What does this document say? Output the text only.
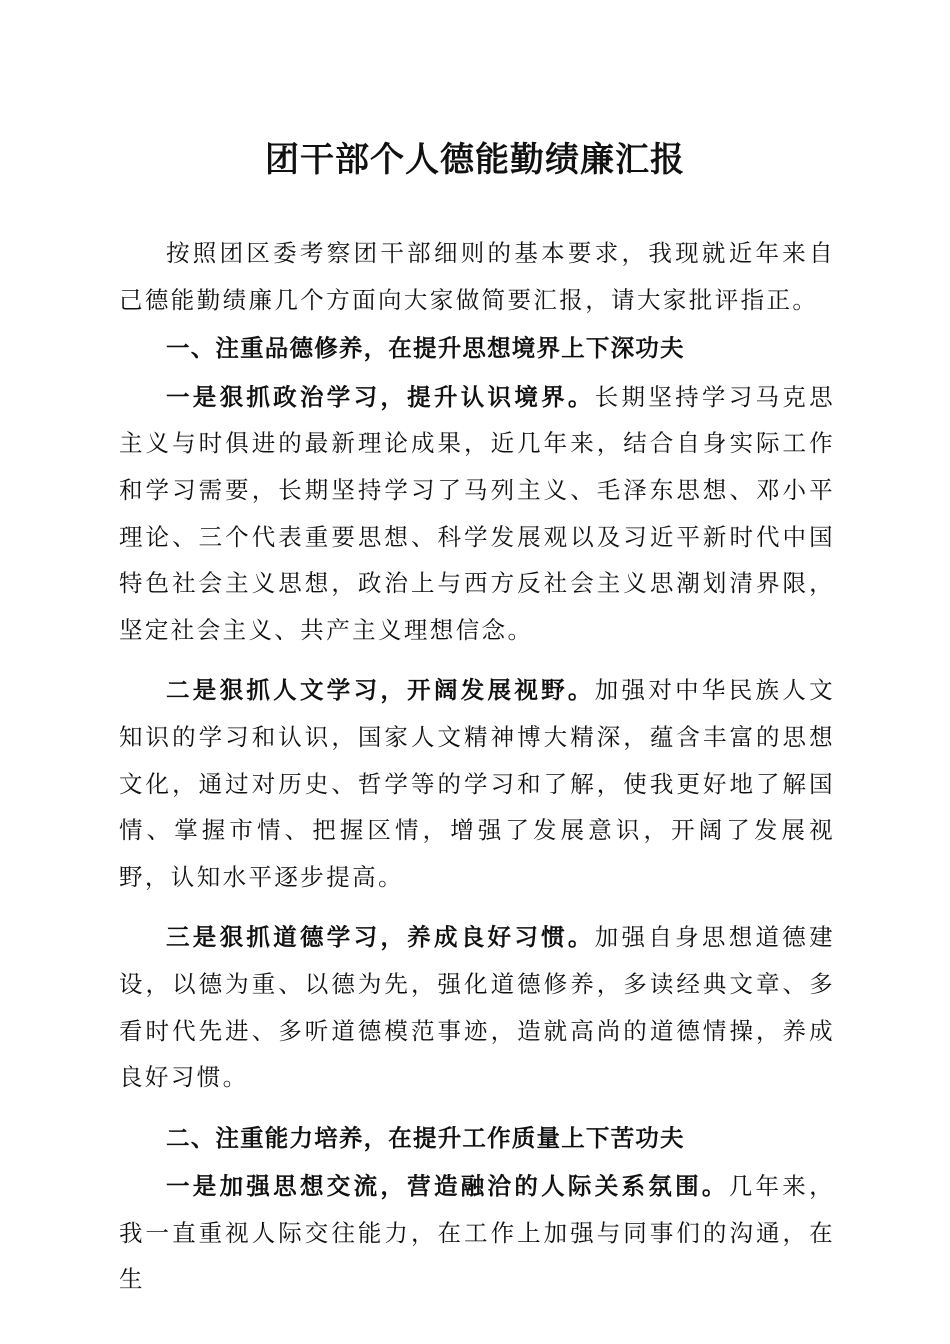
团干部个人德能勤绩廉汇报

按照团区委考察团干部细则的基本要求，我现就近年来自己德能勤绩廉几个方面向大家做简要汇报，请大家批评指正。

一、注重品德修养，在提升思想境界上下深功夫

一是狠抓政治学习，提升认识境界。长期坚持学习马克思主义与时俱进的最新理论成果，近几年来，结合自身实际工作和学习需要，长期坚持学习了马列主义、毛泽东思想、邓小平理论、三个代表重要思想、科学发展观以及习近平新时代中国特色社会主义思想，政治上与西方反社会主义思潮划清界限，坚定社会主义、共产主义理想信念。

二是狠抓人文学习，开阔发展视野。加强对中华民族人文知识的学习和认识，国家人文精神博大精深，蕴含丰富的思想文化，通过对历史、哲学等的学习和了解，使我更好地了解国情、掌握市情、把握区情，增强了发展意识，开阔了发展视野，认知水平逐步提高。

三是狠抓道德学习，养成良好习惯。加强自身思想道德建设，以德为重、以德为先，强化道德修养，多读经典文章、多看时代先进、多听道德模范事迹，造就高尚的道德情操，养成良好习惯。

二、注重能力培养，在提升工作质量上下苦功夫

一是加强思想交流，营造融洽的人际关系氛围。几年来，我一直重视人际交往能力，在工作上加强与同事们的沟通，在生
